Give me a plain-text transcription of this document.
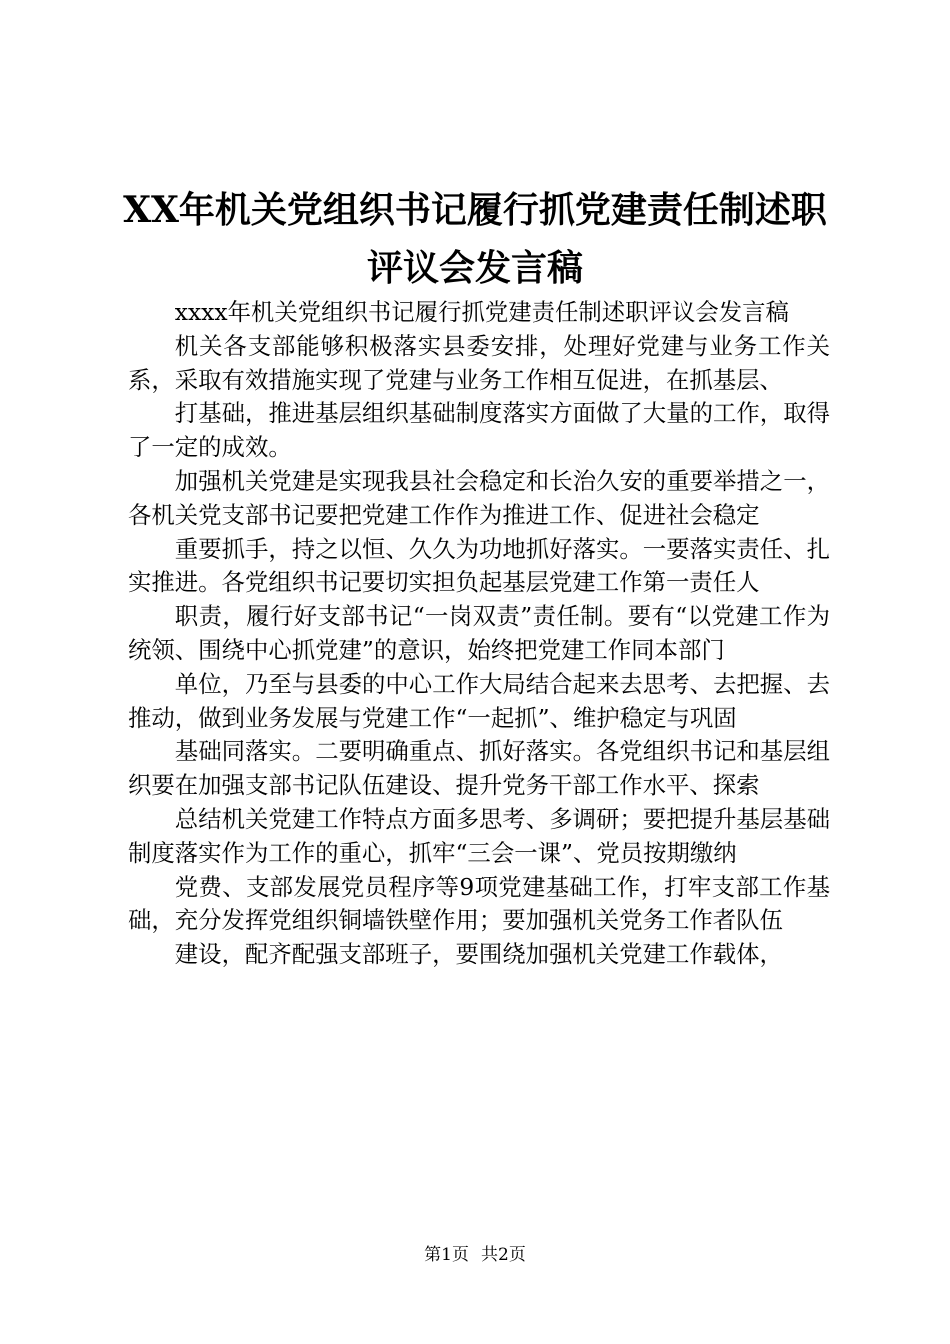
XX年机关党组织书记履行抓党建责任制述职
评议会发言稿

xxxx年机关党组织书记履行抓党建责任制述职评议会发言稿

机关各支部能够积极落实县委安排，处理好党建与业务工作关系，采取有效措施实现了党建与业务工作相互促进，在抓基层、

打基础，推进基层组织基础制度落实方面做了大量的工作，取得了一定的成效。

加强机关党建是实现我县社会稳定和长治久安的重要举措之一，各机关党支部书记要把党建工作作为推进工作、促进社会稳定

重要抓手，持之以恒、久久为功地抓好落实。一要落实责任、扎实推进。各党组织书记要切实担负起基层党建工作第一责任人

职责，履行好支部书记“一岗双责”责任制。要有“以党建工作为统领、围绕中心抓党建”的意识，始终把党建工作同本部门

单位，乃至与县委的中心工作大局结合起来去思考、去把握、去推动，做到业务发展与党建工作“一起抓”、维护稳定与巩固

基础同落实。二要明确重点、抓好落实。各党组织书记和基层组织要在加强支部书记队伍建设、提升党务干部工作水平、探索

总结机关党建工作特点方面多思考、多调研；要把提升基层基础制度落实作为工作的重心，抓牢“三会一课”、党员按期缴纳

党费、支部发展党员程序等9项党建基础工作，打牢支部工作基础，充分发挥党组织铜墙铁壁作用；要加强机关党务工作者队伍

建设，配齐配强支部班子，要围绕加强机关党建工作载体，

第1页 共2页
